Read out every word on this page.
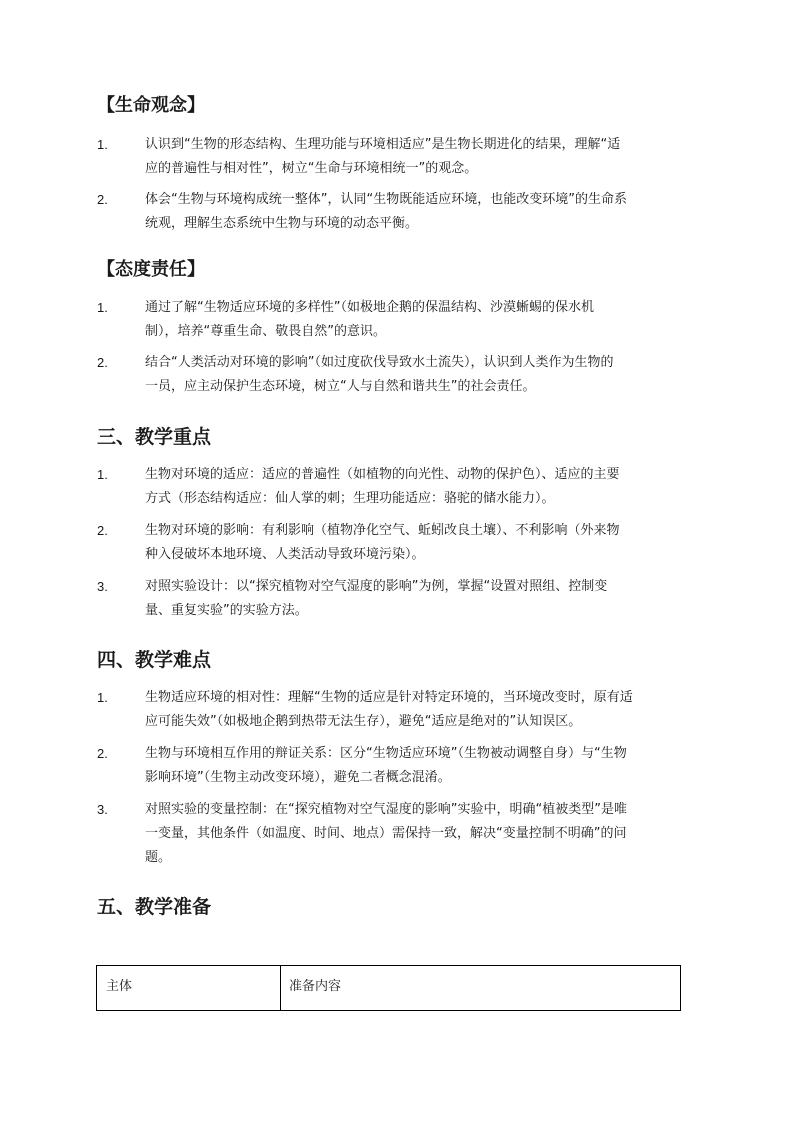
【生命观念】
1.	认识到“生物的形态结构、生理功能与环境相适应”是生物长期进化的结果，理解“适
应的普遍性与相对性”，树立“生命与环境相统一”的观念。
2.	体会“生物与环境构成统一整体”，认同“生物既能适应环境，也能改变环境”的生命系
统观，理解生态系统中生物与环境的动态平衡。
【态度责任】
1.	通过了解“生物适应环境的多样性”（如极地企鹅的保温结构、沙漠蜥蜴的保水机
制），培养“尊重生命、敬畏自然”的意识。
2.	结合“人类活动对环境的影响”（如过度砍伐导致水土流失），认识到人类作为生物的
一员，应主动保护生态环境，树立“人与自然和谐共生”的社会责任。
三、教学重点
1.	生物对环境的适应：适应的普遍性（如植物的向光性、动物的保护色）、适应的主要
方式（形态结构适应：仙人掌的刺；生理功能适应：骆驼的储水能力）。
2.	生物对环境的影响：有利影响（植物净化空气、蚯蚓改良土壤）、不利影响（外来物
种入侵破坏本地环境、人类活动导致环境污染）。
3.	对照实验设计：以“探究植物对空气湿度的影响”为例，掌握“设置对照组、控制变
量、重复实验”的实验方法。
四、教学难点
1.	生物适应环境的相对性：理解“生物的适应是针对特定环境的，当环境改变时，原有适
应可能失效”（如极地企鹅到热带无法生存），避免“适应是绝对的”认知误区。
2.	生物与环境相互作用的辩证关系：区分“生物适应环境”（生物被动调整自身）与“生物
影响环境”（生物主动改变环境），避免二者概念混淆。
3.	对照实验的变量控制：在“探究植物对空气湿度的影响”实验中，明确“植被类型”是唯
一变量，其他条件（如温度、时间、地点）需保持一致，解决“变量控制不明确”的问
题。
五、教学准备
主体	准备内容
